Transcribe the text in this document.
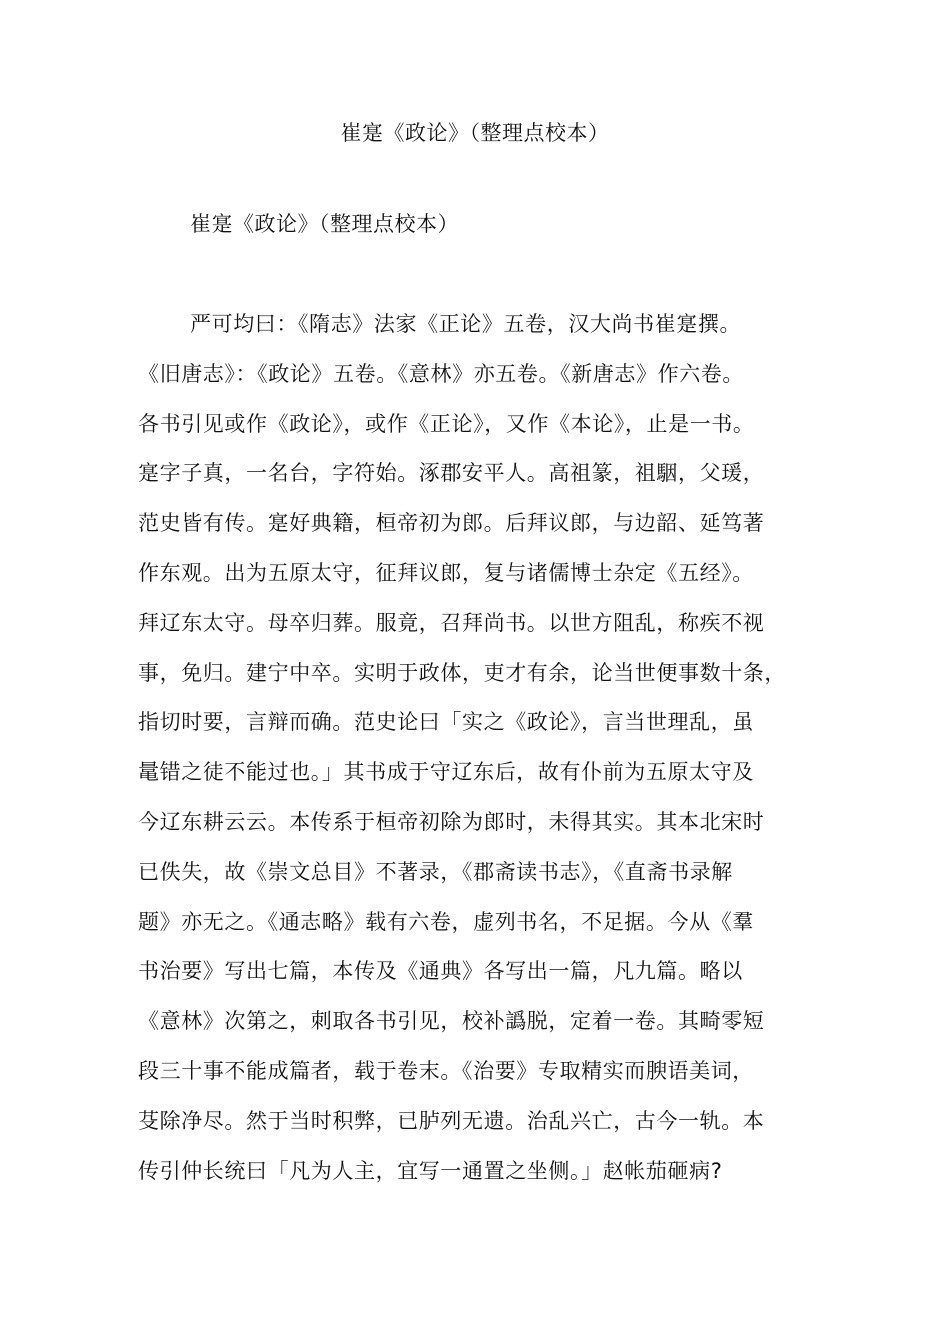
崔寔《政论》（整理点校本）
崔寔《政论》（整理点校本）
严可均曰：《隋志》法家《正论》五卷，汉大尚书崔寔撰。
《旧唐志》：《政论》五卷。《意林》亦五卷。《新唐志》作六卷。
各书引见或作《政论》，或作《正论》，又作《本论》，止是一书。
寔字子真，一名台，字符始。涿郡安平人。高祖篆，祖駰，父瑗，
范史皆有传。寔好典籍，桓帝初为郎。后拜议郎，与边韶、延笃著
作东观。出为五原太守，征拜议郎，复与诸儒博士杂定《五经》。
拜辽东太守。母卒归葬。服竟，召拜尚书。以世方阻乱，称疾不视
事，免归。建宁中卒。实明于政体，吏才有余，论当世便事数十条，
指切时要，言辩而确。范史论曰「实之《政论》，言当世理乱，虽
鼌错之徒不能过也。」其书成于守辽东后，故有仆前为五原太守及
今辽东耕云云。本传系于桓帝初除为郎时，未得其实。其本北宋时
已佚失，故《崇文总目》不著录，《郡斋读书志》，《直斋书录解
题》亦无之。《通志略》载有六卷，虚列书名，不足据。今从《羣
书治要》写出七篇，本传及《通典》各写出一篇，凡九篇。略以
《意林》次第之，刺取各书引见，校补譌脱，定着一卷。其畸零短
段三十事不能成篇者，载于卷末。《治要》专取精实而腴语美词，
芟除净尽。然于当时积弊，已胪列无遗。治乱兴亡，古今一轨。本
传引仲长统曰「凡为人主，宜写一通置之坐侧。」赵帐茄砸病?
